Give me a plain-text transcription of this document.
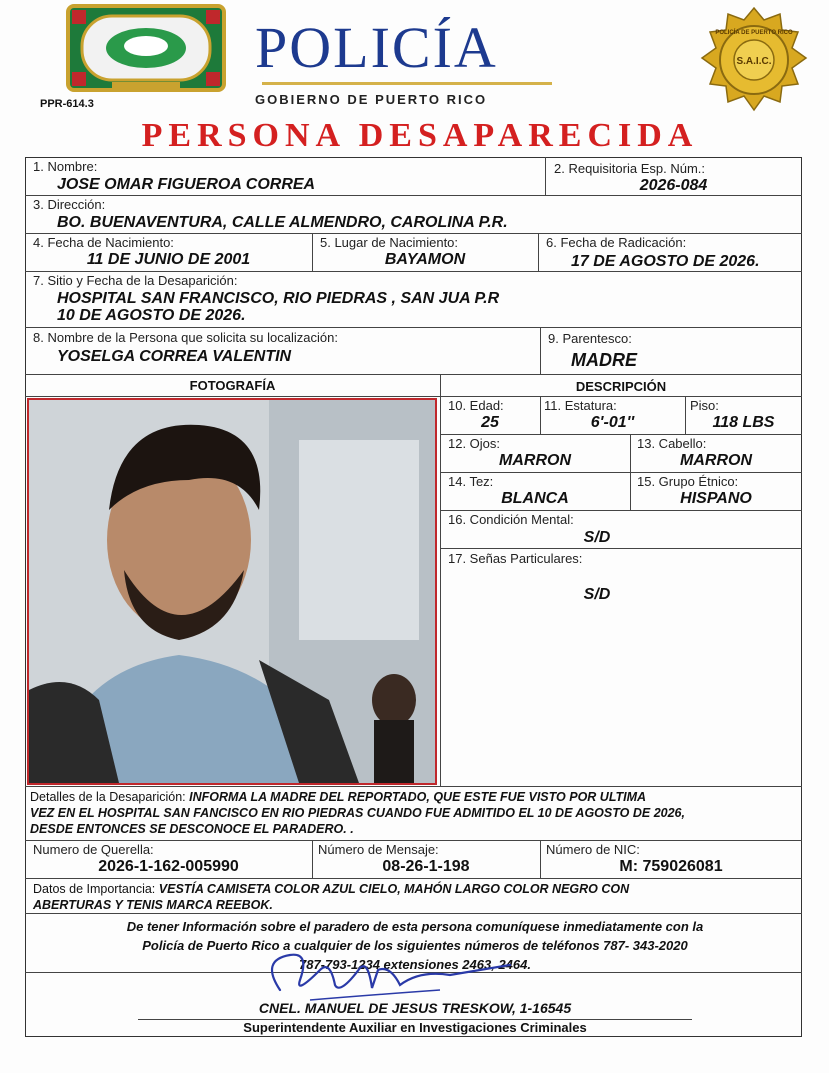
POLICÍA
GOBIERNO DE PUERTO RICO
PPR-614.3
S.A.I.C.
POLICÍA DE PUERTO RICO
PERSONA DESAPARECIDA
1. Nombre:
JOSE OMAR FIGUEROA CORREA
2. Requisitoria Esp. Núm.:
2026-084
3. Dirección:
BO. BUENAVENTURA, CALLE ALMENDRO, CAROLINA P.R.
4. Fecha de Nacimiento:
11 DE JUNIO DE 2001
5. Lugar de Nacimiento:
BAYAMON
6. Fecha de Radicación:
17 DE AGOSTO DE 2026.
7. Sitio y Fecha de la Desaparición:
HOSPITAL SAN FRANCISCO, RIO PIEDRAS , SAN JUA P.R
10 DE AGOSTO DE 2026.
8. Nombre de la Persona que solicita su localización:
YOSELGA CORREA VALENTIN
9. Parentesco:
MADRE
FOTOGRAFÍA	DESCRIPCIÓN
10. Edad:
25
11. Estatura:
6'-01''
Piso:
118 LBS
12. Ojos:
MARRON
13. Cabello:
MARRON
14. Tez:
BLANCA
15. Grupo Étnico:
HISPANO
16. Condición Mental:
S/D
17. Señas Particulares:
S/D
Detalles de la Desaparición: INFORMA LA MADRE DEL REPORTADO, QUE ESTE FUE VISTO POR ULTIMA
VEZ EN EL HOSPITAL SAN FANCISCO EN RIO PIEDRAS CUANDO FUE ADMITIDO EL 10 DE AGOSTO DE 2026,
DESDE ENTONCES SE DESCONOCE EL PARADERO. .
Numero de Querella:
2026-1-162-005990
Número de Mensaje:
08-26-1-198
Número de NIC:
M: 759026081
Datos de Importancia: VESTÍA CAMISETA COLOR AZUL CIELO, MAHÓN LARGO COLOR NEGRO CON
ABERTURAS Y TENIS MARCA REEBOK.
De tener Información sobre el paradero de esta persona comuníquese inmediatamente con la
Policía de Puerto Rico a cualquier de los siguientes números de teléfonos 787- 343-2020
787-793-1234 extensiones 2463, 2464.
CNEL. MANUEL DE JESUS TRESKOW, 1-16545
Superintendente Auxiliar en Investigaciones Criminales
